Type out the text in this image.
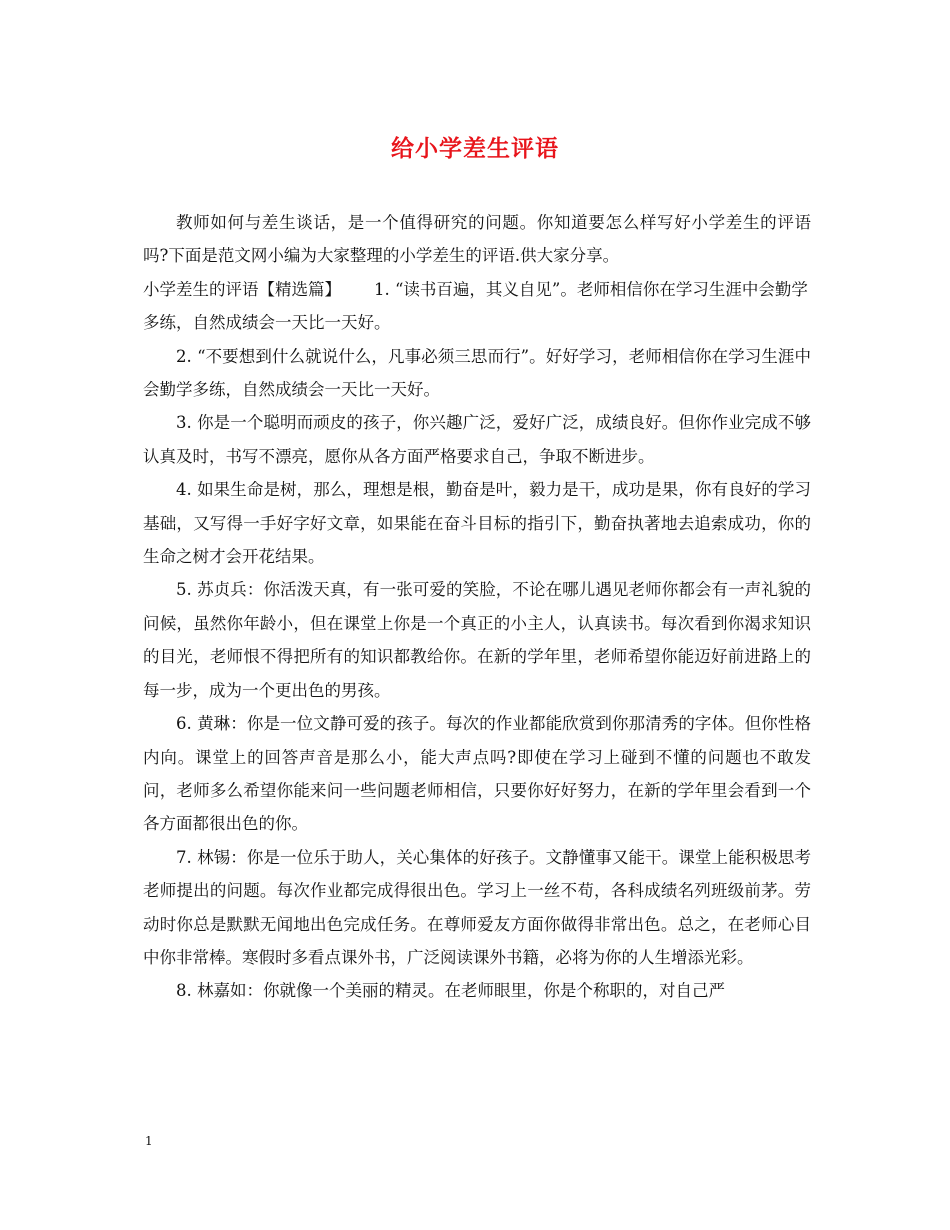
给小学差生评语

教师如何与差生谈话，是一个值得研究的问题。你知道要怎么样写好小学差生的评语吗?下面是范文网小编为大家整理的小学差生的评语.供大家分享。

小学差生的评语【精选篇】 1. “读书百遍，其义自见”。老师相信你在学习生涯中会勤学多练，自然成绩会一天比一天好。

2. “不要想到什么就说什么，凡事必须三思而行”。好好学习，老师相信你在学习生涯中会勤学多练，自然成绩会一天比一天好。

3. 你是一个聪明而顽皮的孩子，你兴趣广泛，爱好广泛，成绩良好。但你作业完成不够认真及时，书写不漂亮，愿你从各方面严格要求自己，争取不断进步。

4. 如果生命是树，那么，理想是根，勤奋是叶，毅力是干，成功是果，你有良好的学习基础，又写得一手好字好文章，如果能在奋斗目标的指引下，勤奋执著地去追索成功，你的生命之树才会开花结果。

5. 苏贞兵：你活泼天真，有一张可爱的笑脸，不论在哪儿遇见老师你都会有一声礼貌的问候，虽然你年龄小，但在课堂上你是一个真正的小主人，认真读书。每次看到你渴求知识的目光，老师恨不得把所有的知识都教给你。在新的学年里，老师希望你能迈好前进路上的每一步，成为一个更出色的男孩。

6. 黄琳：你是一位文静可爱的孩子。每次的作业都能欣赏到你那清秀的字体。但你性格内向。课堂上的回答声音是那么小，能大声点吗?即使在学习上碰到不懂的问题也不敢发问，老师多么希望你能来问一些问题老师相信，只要你好好努力，在新的学年里会看到一个各方面都很出色的你。

7. 林锡：你是一位乐于助人，关心集体的好孩子。文静懂事又能干。课堂上能积极思考老师提出的问题。每次作业都完成得很出色。学习上一丝不苟，各科成绩名列班级前茅。劳动时你总是默默无闻地出色完成任务。在尊师爱友方面你做得非常出色。总之，在老师心目中你非常棒。寒假时多看点课外书，广泛阅读课外书籍，必将为你的人生增添光彩。

8. 林嘉如：你就像一个美丽的精灵。在老师眼里，你是个称职的，对自己严

1
